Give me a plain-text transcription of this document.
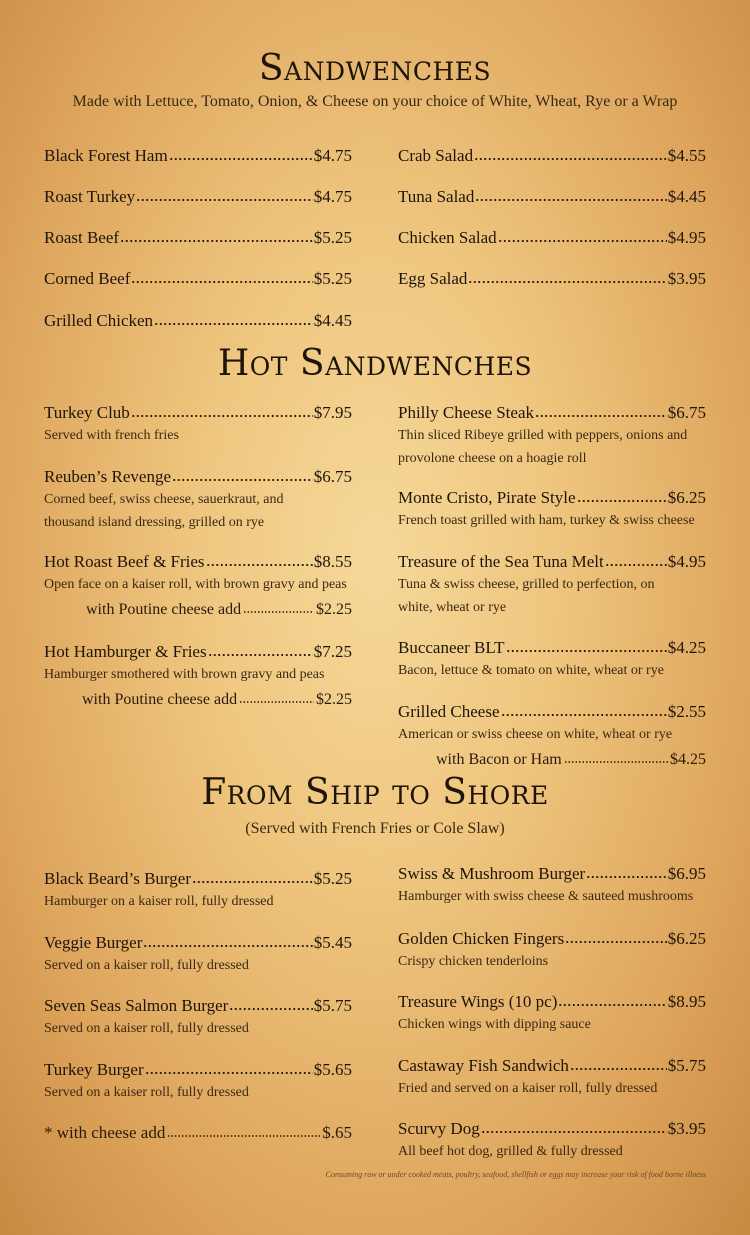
Sandwenches

Made with Lettuce, Tomato, Onion, & Cheese on your choice of White, Wheat, Rye or a Wrap

Black Forest Ham	$4.75
Roast Turkey	$4.75
Roast Beef	$5.25
Corned Beef	$5.25
Grilled Chicken	$4.45
Crab Salad	$4.55
Tuna Salad	$4.45
Chicken Salad	$4.95
Egg Salad	$3.95
Hot Sandwenches
Turkey Club	$7.95
Served with french fries
Reuben’s Revenge	$6.75
Corned beef, swiss cheese, sauerkraut, and
thousand island dressing, grilled on rye
Hot Roast Beef & Fries	$8.55
Open face on a kaiser roll, with brown gravy and peas
with Poutine cheese add	$2.25
Hot Hamburger & Fries	$7.25
Hamburger smothered with brown gravy and peas
with Poutine cheese add	$2.25
Philly Cheese Steak	$6.75
Thin sliced Ribeye grilled with peppers, onions and
provolone cheese on a hoagie roll
Monte Cristo, Pirate Style	$6.25
French toast grilled with ham, turkey & swiss cheese
Treasure of the Sea Tuna Melt	$4.95
Tuna & swiss cheese, grilled to perfection, on
white, wheat or rye
Buccaneer BLT	$4.25
Bacon, lettuce & tomato on white, wheat or rye
Grilled Cheese	$2.55
American or swiss cheese on white, wheat or rye
with Bacon or Ham	$4.25
From Ship to Shore

(Served with French Fries or Cole Slaw)

Black Beard’s Burger	$5.25
Hamburger on a kaiser roll, fully dressed
Veggie Burger	$5.45
Served on a kaiser roll, fully dressed
Seven Seas Salmon Burger	$5.75
Served on a kaiser roll, fully dressed
Turkey Burger	$5.65
Served on a kaiser roll, fully dressed
* with cheese add	$.65
Swiss & Mushroom Burger	$6.95
Hamburger with swiss cheese & sauteed mushrooms
Golden Chicken Fingers	$6.25
Crispy chicken tenderloins
Treasure Wings (10 pc)	$8.95
Chicken wings with dipping sauce
Castaway Fish Sandwich	$5.75
Fried and served on a kaiser roll, fully dressed
Scurvy Dog	$3.95
All beef hot dog, grilled & fully dressed
Consuming raw or under cooked meats, poultry, seafood, shellfish or eggs may increase your risk of food borne illness
